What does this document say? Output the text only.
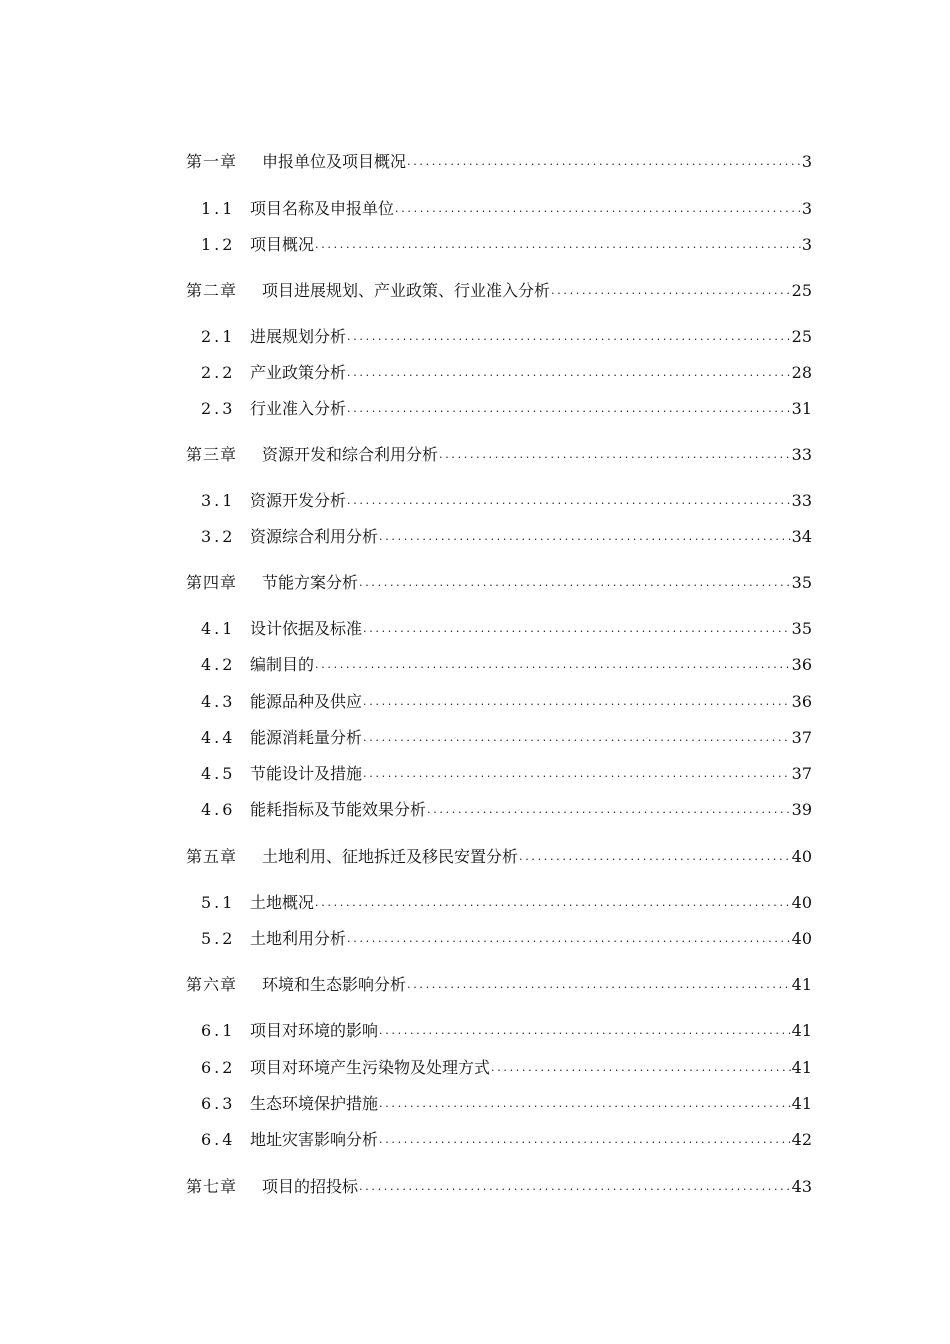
第一章	申报单位及项目概况 . . .	3
1.1 项目名称及申报单位 . . .	3
1.2 项目概况 . . .	3
第二章	项目进展规划、产业政策、行业准入分析 . . .	25
2.1 进展规划分析 . . .	25
2.2 产业政策分析 . . .	28
2.3 行业准入分析 . . .	31
第三章	资源开发和综合利用分析 . . .	33
3.1 资源开发分析 . . .	33
3.2 资源综合利用分析 . . .	34
第四章	节能方案分析 . . .	35
4.1 设计依据及标准 . . .	35
4.2 编制目的 . . .	36
4.3 能源品种及供应 . . .	36
4.4 能源消耗量分析 . . .	37
4.5 节能设计及措施 . . .	37
4.6 能耗指标及节能效果分析 . . .	39
第五章	土地利用、征地拆迁及移民安置分析 . . .	40
5.1 土地概况 . . .	40
5.2 土地利用分析 . . .	40
第六章	环境和生态影响分析 . . .	41
6.1 项目对环境的影响 . . .	41
6.2 项目对环境产生污染物及处理方式 . . .	41
6.3 生态环境保护措施 . . .	41
6.4 地址灾害影响分析 . . .	42
第七章	项目的招投标 . . .	43
